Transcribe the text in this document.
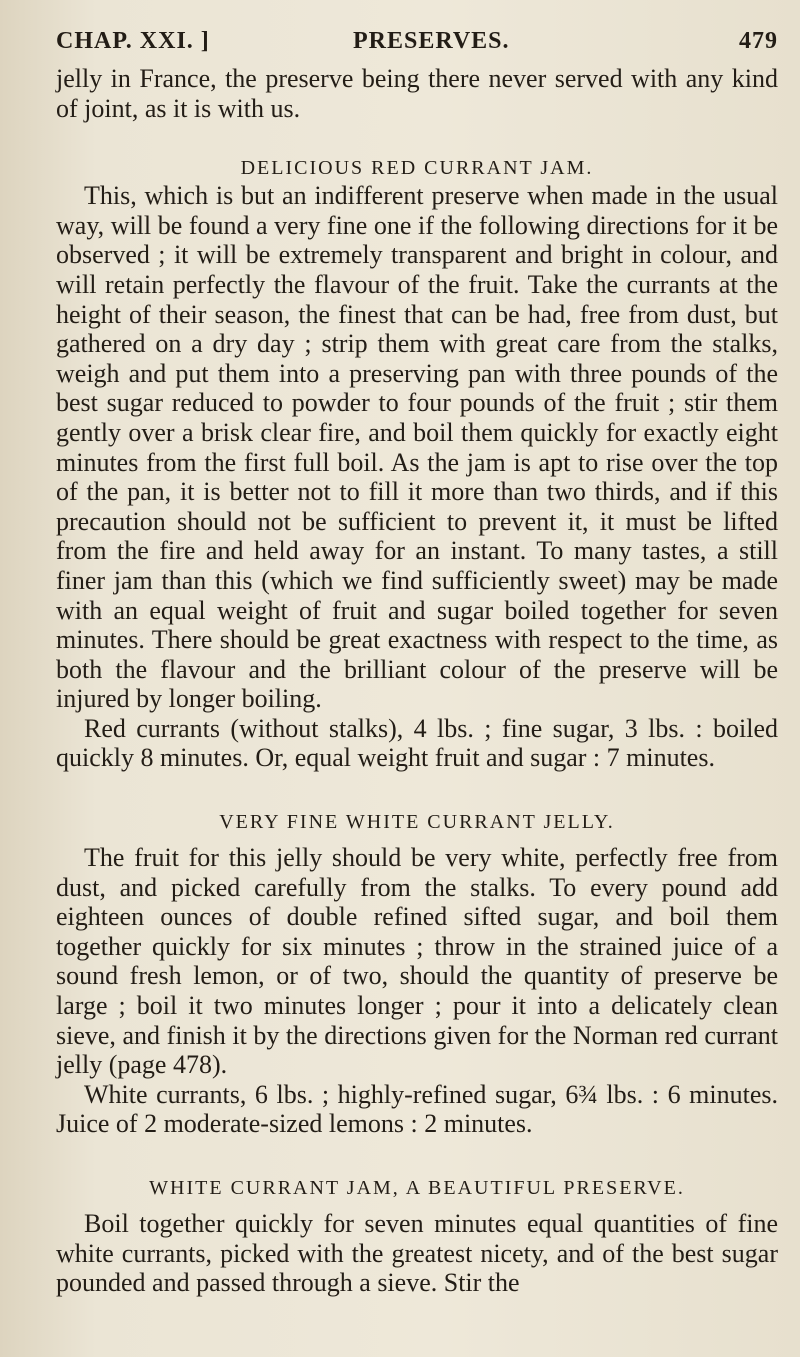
CHAP. XXI. ]	PRESERVES.	479

jelly in France, the preserve being there never served with any kind of joint, as it is with us.

DELICIOUS RED CURRANT JAM.

This, which is but an indifferent preserve when made in the usual way, will be found a very fine one if the following directions for it be observed ; it will be extremely transparent and bright in colour, and will retain perfectly the flavour of the fruit. Take the currants at the height of their season, the finest that can be had, free from dust, but gathered on a dry day ; strip them with great care from the stalks, weigh and put them into a preserving pan with three pounds of the best sugar reduced to powder to four pounds of the fruit ; stir them gently over a brisk clear fire, and boil them quickly for exactly eight minutes from the first full boil. As the jam is apt to rise over the top of the pan, it is better not to fill it more than two thirds, and if this precaution should not be sufficient to prevent it, it must be lifted from the fire and held away for an instant. To many tastes, a still finer jam than this (which we find sufficiently sweet) may be made with an equal weight of fruit and sugar boiled together for seven minutes. There should be great exactness with respect to the time, as both the flavour and the brilliant colour of the preserve will be injured by longer boiling.

Red currants (without stalks), 4 lbs. ; fine sugar, 3 lbs. : boiled quickly 8 minutes. Or, equal weight fruit and sugar : 7 minutes.

VERY FINE WHITE CURRANT JELLY.

The fruit for this jelly should be very white, perfectly free from dust, and picked carefully from the stalks. To every pound add eighteen ounces of double refined sifted sugar, and boil them together quickly for six minutes ; throw in the strained juice of a sound fresh lemon, or of two, should the quantity of preserve be large ; boil it two minutes longer ; pour it into a delicately clean sieve, and finish it by the directions given for the Norman red currant jelly (page 478).

White currants, 6 lbs. ; highly-refined sugar, 6¾ lbs. : 6 minutes. Juice of 2 moderate-sized lemons : 2 minutes.

WHITE CURRANT JAM, A BEAUTIFUL PRESERVE.

Boil together quickly for seven minutes equal quantities of fine white currants, picked with the greatest nicety, and of the best sugar pounded and passed through a sieve. Stir the
